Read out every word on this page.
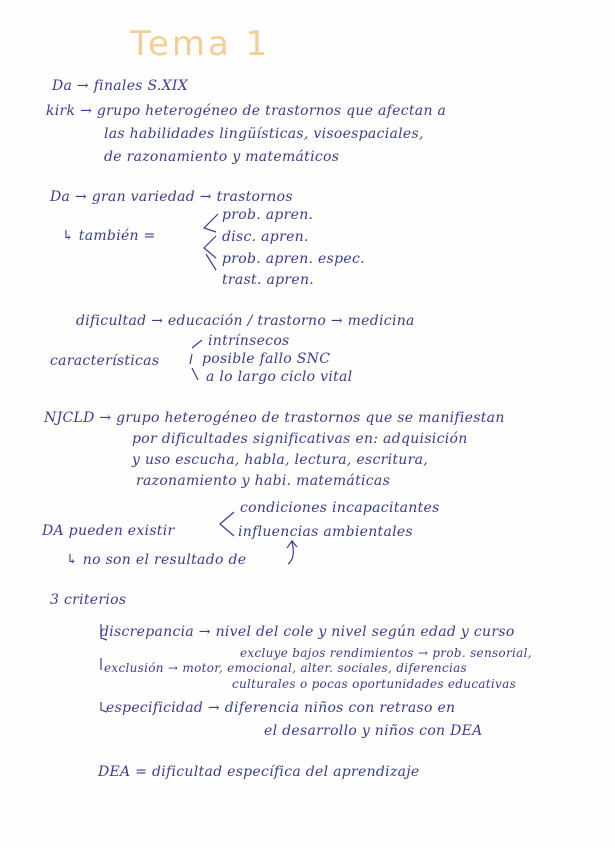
Tema 1
Da → finales S.XIX
kirk → grupo heterogéneo de trastornos que afectan a
las habilidades lingüísticas, visoespaciales,
de razonamiento y matemáticos
Da → gran variedad → trastornos
↳ también =
prob. apren.
disc. apren.
prob. apren. espec.
trast. apren.
dificultad → educación / trastorno → medicina
características
intrínsecos
posible fallo SNC
a lo largo ciclo vital
NJCLD → grupo heterogéneo de trastornos que se manifiestan
por dificultades significativas en: adquisición
y uso escucha, habla, lectura, escritura,
razonamiento y habi. matemáticas
DA pueden existir
condiciones incapacitantes
influencias ambientales
↳ no son el resultado de
3 criterios
discrepancia → nivel del cole y nivel según edad y curso
excluye bajos rendimientos → prob. sensorial,
exclusión → motor, emocional, alter. sociales, diferencias
culturales o pocas oportunidades educativas
especificidad → diferencia niños con retraso en
el desarrollo y niños con DEA
DEA = dificultad específica del aprendizaje
